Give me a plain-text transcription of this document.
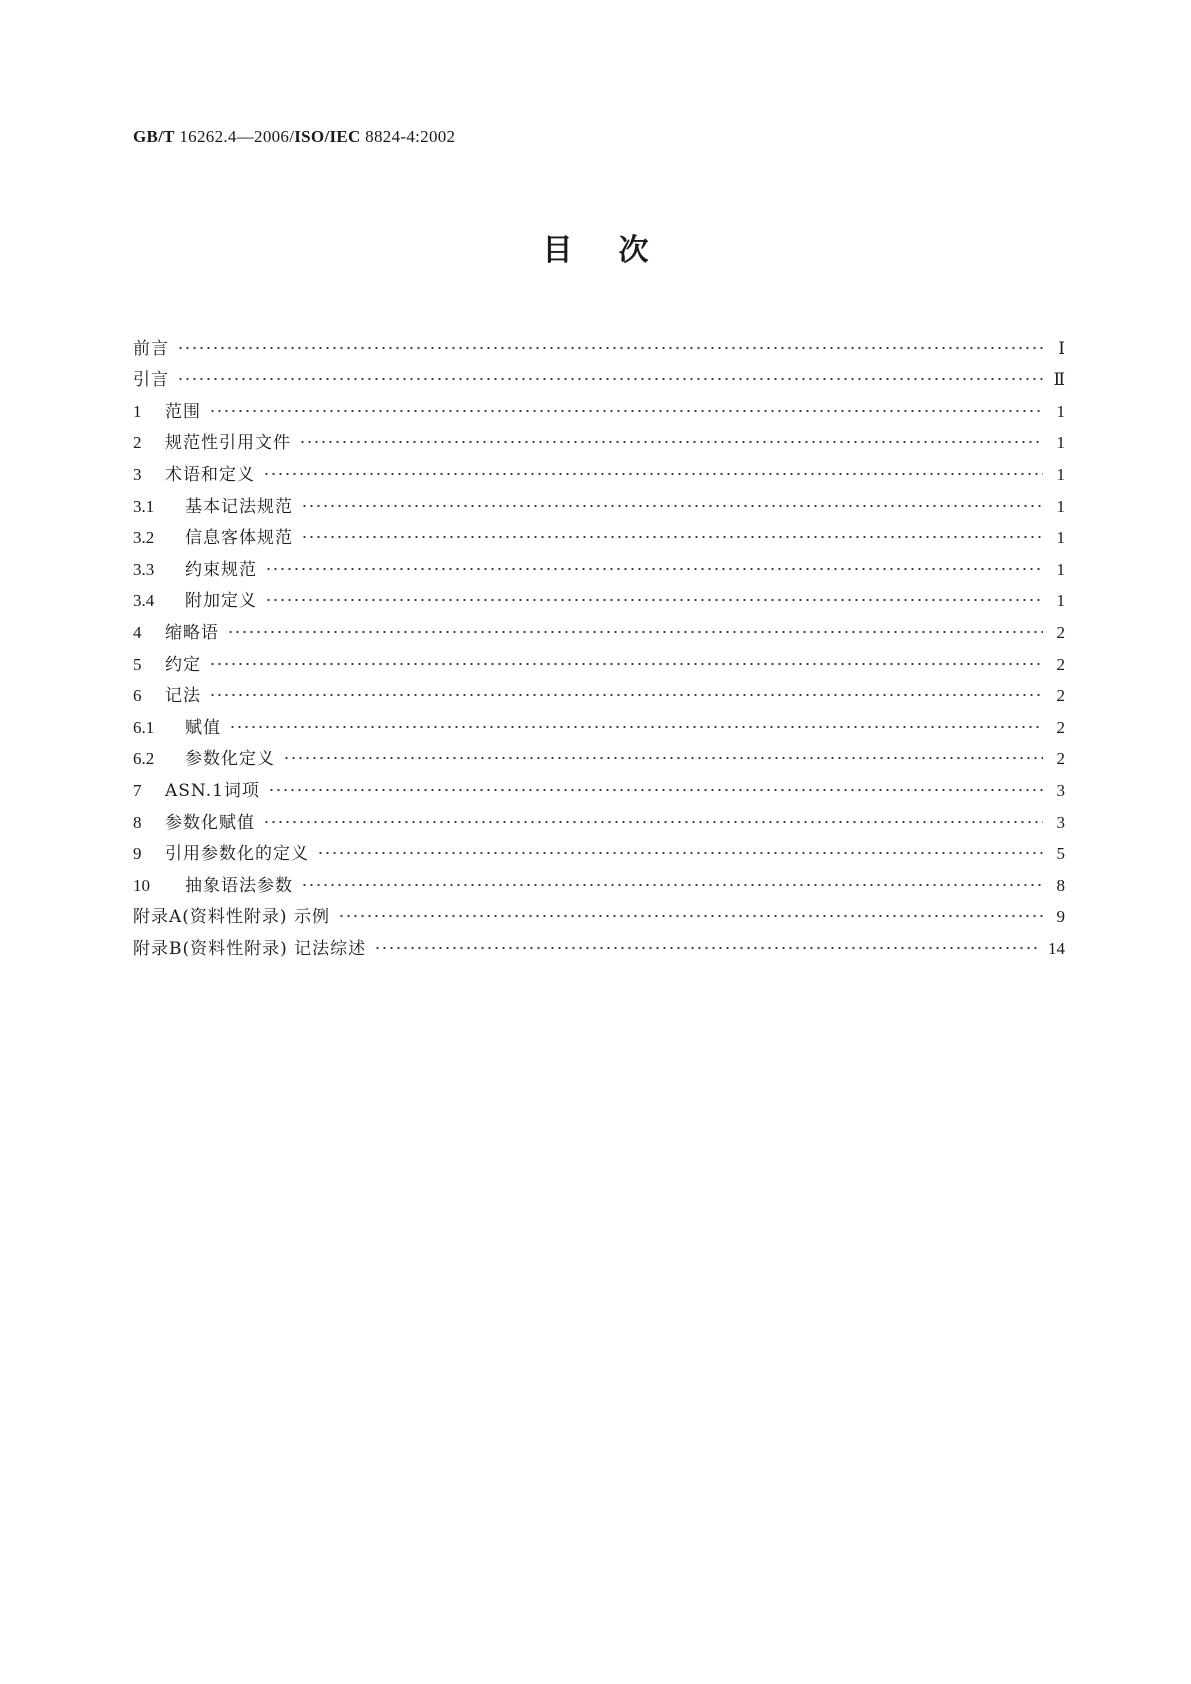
GB/T 16262.4—2006/ISO/IEC 8824-4:2002
目次
前言	Ⅰ
引言	Ⅱ
1	范围	1
2	规范性引用文件	1
3	术语和定义	1
3.1	基本记法规范	1
3.2	信息客体规范	1
3.3	约束规范	1
3.4	附加定义	1
4	缩略语	2
5	约定	2
6	记法	2
6.1	赋值	2
6.2	参数化定义	2
7	ASN.1词项	3
8	参数化赋值	3
9	引用参数化的定义	5
10	抽象语法参数	8
附录A(资料性附录) 示例	9
附录B(资料性附录) 记法综述	14
